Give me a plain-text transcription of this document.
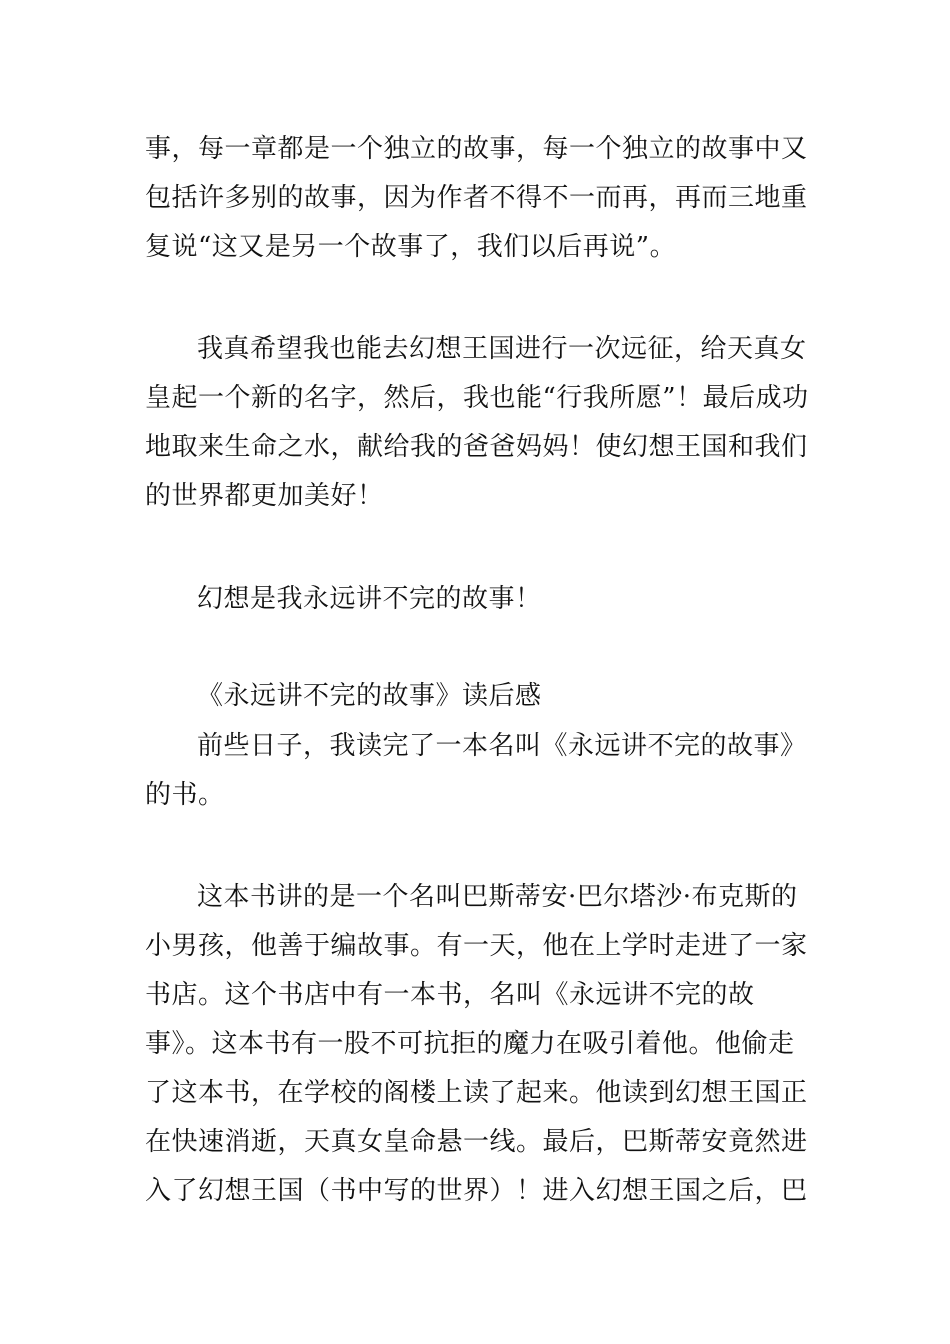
事，每一章都是一个独立的故事，每一个独立的故事中又包括许多别的故事，因为作者不得不一而再，再而三地重复说“这又是另一个故事了，我们以后再说”。

我真希望我也能去幻想王国进行一次远征，给天真女皇起一个新的名字，然后，我也能“行我所愿”！最后成功地取来生命之水，献给我的爸爸妈妈！使幻想王国和我们的世界都更加美好！

幻想是我永远讲不完的故事！

《永远讲不完的故事》读后感

前些日子，我读完了一本名叫《永远讲不完的故事》的书。

这本书讲的是一个名叫巴斯蒂安·巴尔塔沙·布克斯的小男孩，他善于编故事。有一天，他在上学时走进了一家书店。这个书店中有一本书，名叫《永远讲不完的故事》。这本书有一股不可抗拒的魔力在吸引着他。他偷走了这本书，在学校的阁楼上读了起来。他读到幻想王国正在快速消逝，天真女皇命悬一线。最后，巴斯蒂安竟然进入了幻想王国（书中写的世界）！进入幻想王国之后，巴
